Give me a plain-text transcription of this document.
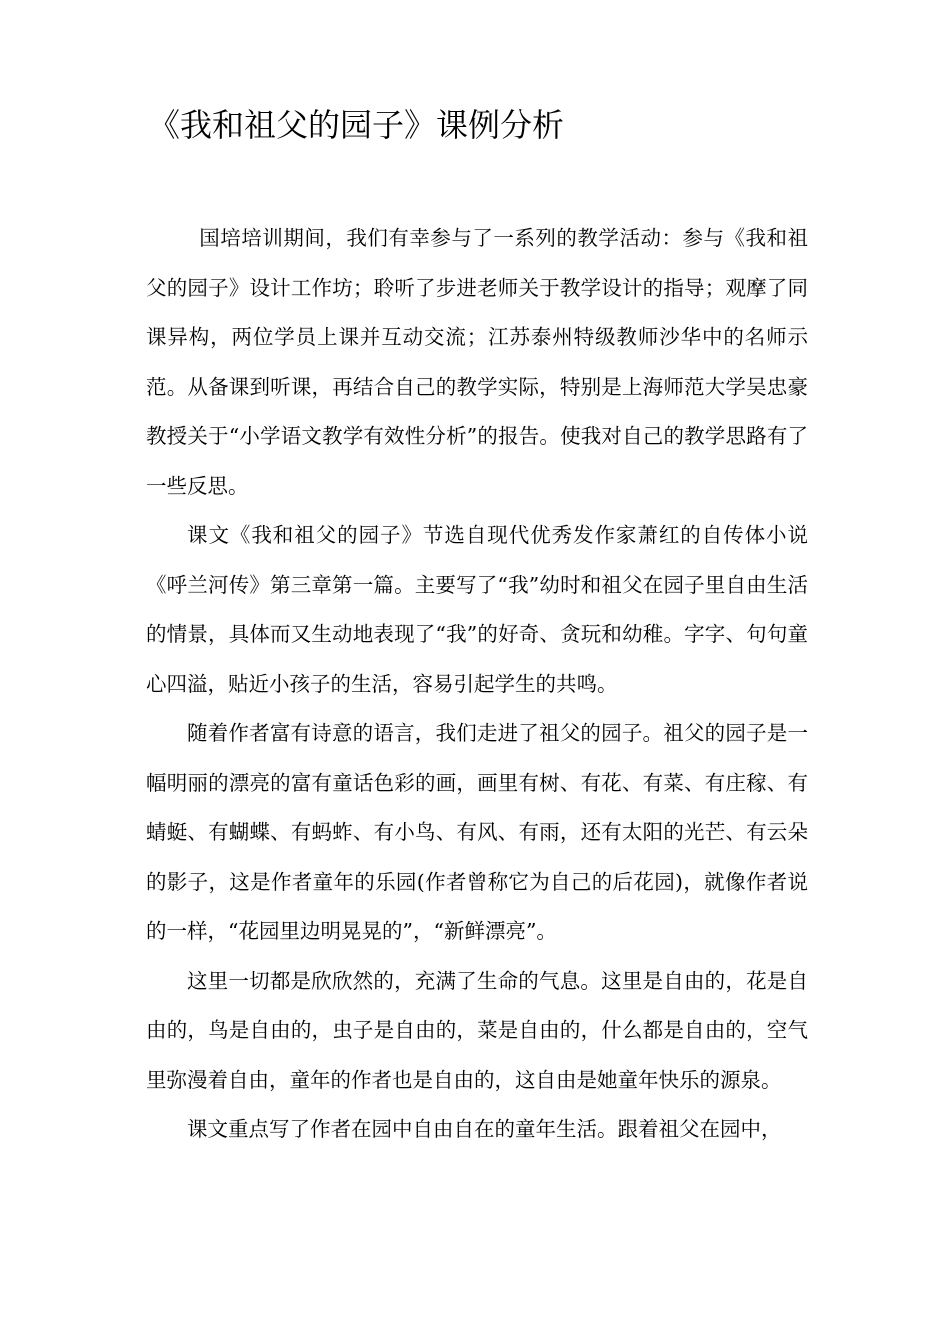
《我和祖父的园子》课例分析

国培培训期间，我们有幸参与了一系列的教学活动：参与《我和祖父的园子》设计工作坊；聆听了步进老师关于教学设计的指导；观摩了同课异构，两位学员上课并互动交流；江苏泰州特级教师沙华中的名师示范。从备课到听课，再结合自己的教学实际，特别是上海师范大学吴忠豪教授关于“小学语文教学有效性分析”的报告。使我对自己的教学思路有了一些反思。

课文《我和祖父的园子》节选自现代优秀发作家萧红的自传体小说《呼兰河传》第三章第一篇。主要写了“我”幼时和祖父在园子里自由生活的情景，具体而又生动地表现了“我”的好奇、贪玩和幼稚。字字、句句童心四溢，贴近小孩子的生活，容易引起学生的共鸣。

随着作者富有诗意的语言，我们走进了祖父的园子。祖父的园子是一幅明丽的漂亮的富有童话色彩的画，画里有树、有花、有菜、有庄稼、有蜻蜓、有蝴蝶、有蚂蚱、有小鸟、有风、有雨，还有太阳的光芒、有云朵的影子，这是作者童年的乐园(作者曾称它为自己的后花园)，就像作者说的一样，“花园里边明晃晃的”，“新鲜漂亮”。

这里一切都是欣欣然的，充满了生命的气息。这里是自由的，花是自由的，鸟是自由的，虫子是自由的，菜是自由的，什么都是自由的，空气里弥漫着自由，童年的作者也是自由的，这自由是她童年快乐的源泉。

课文重点写了作者在园中自由自在的童年生活。跟着祖父在园中，
